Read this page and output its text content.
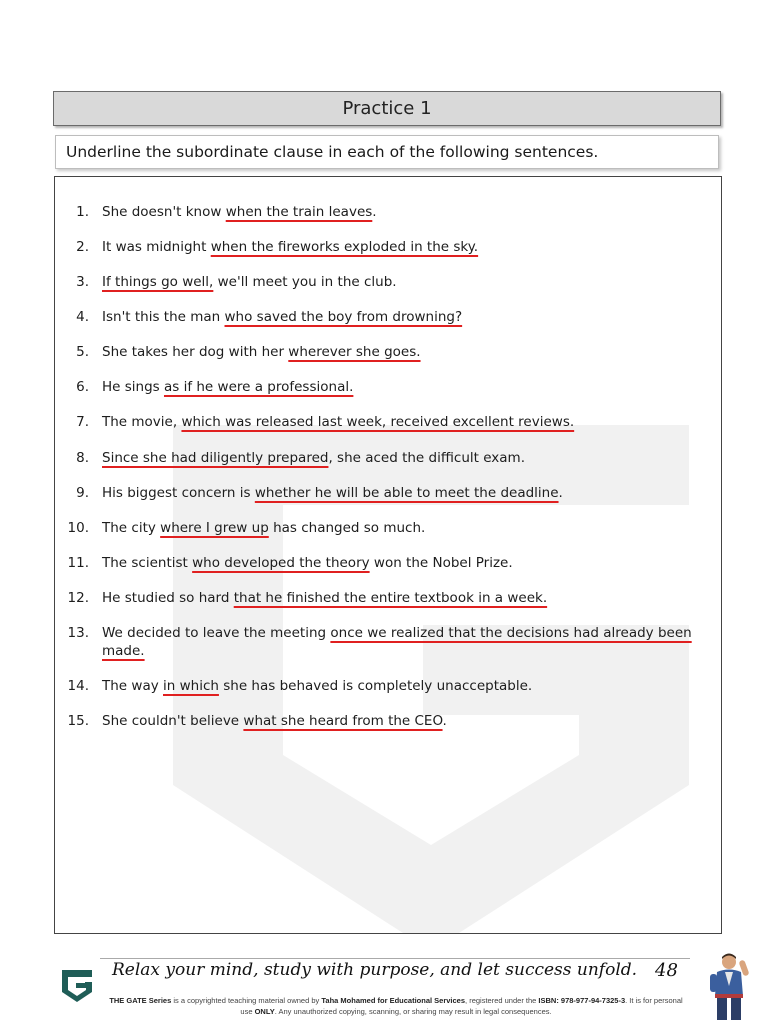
Practice 1
Underline the subordinate clause in each of the following sentences.
1. She doesn't know when the train leaves.
2. It was midnight when the fireworks exploded in the sky.
3. If things go well, we'll meet you in the club.
4. Isn't this the man who saved the boy from drowning?
5. She takes her dog with her wherever she goes.
6. He sings as if he were a professional.
7. The movie, which was released last week, received excellent reviews.
8. Since she had diligently prepared, she aced the difficult exam.
9. His biggest concern is whether he will be able to meet the deadline.
10. The city where I grew up has changed so much.
11. The scientist who developed the theory won the Nobel Prize.
12. He studied so hard that he finished the entire textbook in a week.
13. We decided to leave the meeting once we realized that the decisions had already been made.
14. The way in which she has behaved is completely unacceptable.
15. She couldn't believe what she heard from the CEO.
Relax your mind, study with purpose, and let success unfold. 48
THE GATE Series is a copyrighted teaching material owned by Taha Mohamed for Educational Services, registered under the ISBN: 978-977-94-7325-3. It is for personal use ONLY. Any unauthorized copying, scanning, or sharing may result in legal consequences.
